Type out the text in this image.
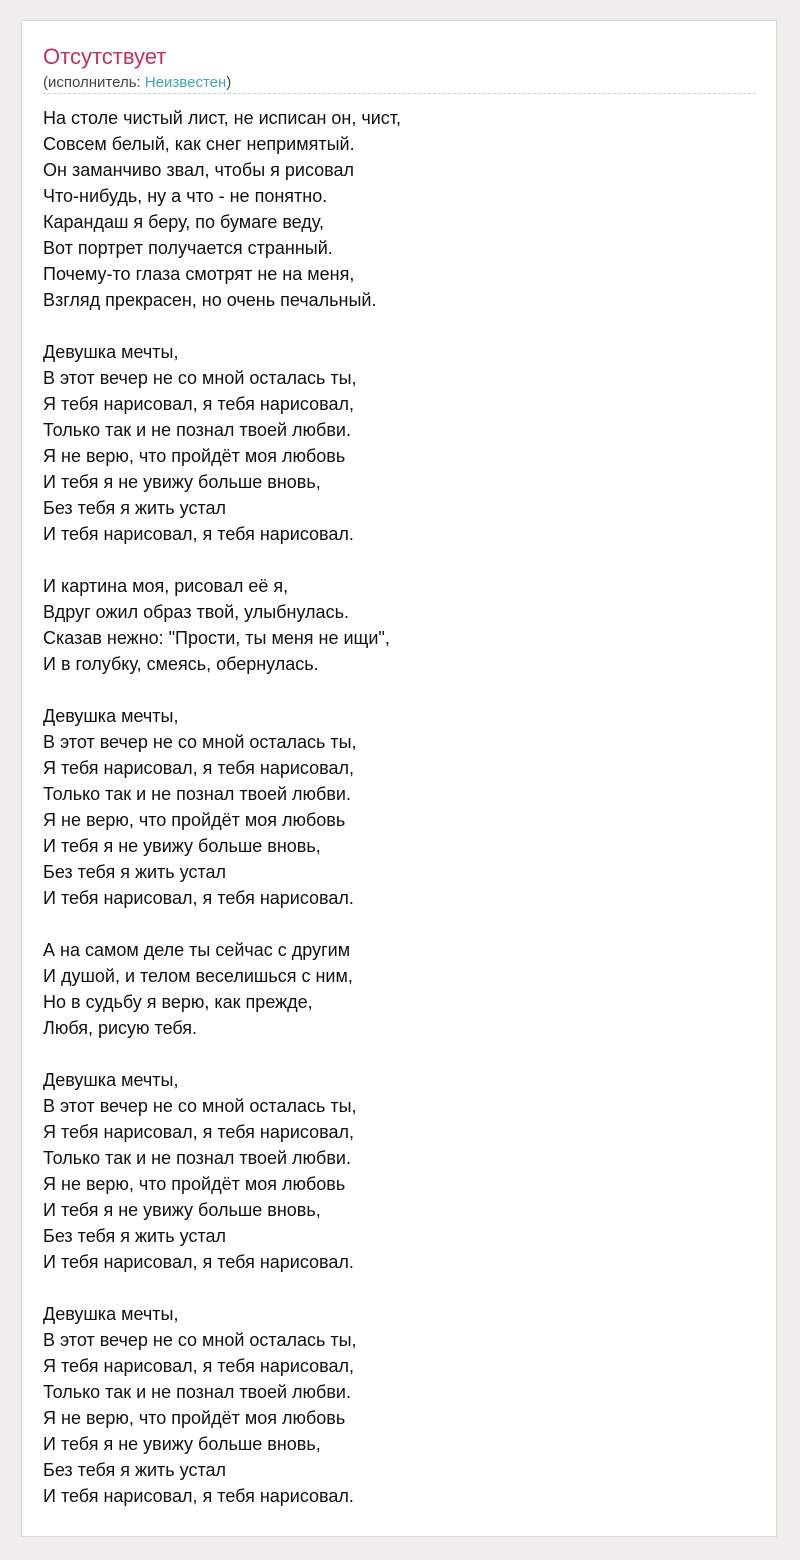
Отсутствует
(исполнитель: Неизвестен)
На столе чистый лист, не исписан он, чист,
Совсем белый, как снег непримятый.
Он заманчиво звал, чтобы я рисовал
Что-нибудь, ну а что - не понятно.
Карандаш я беру, по бумаге веду,
Вот портрет получается странный.
Почему-то глаза смотрят не на меня,
Взгляд прекрасен, но очень печальный.
Девушка мечты,
В этот вечер не со мной осталась ты,
Я тебя нарисовал, я тебя нарисовал,
Только так и не познал твоей любви.
Я не верю, что пройдёт моя любовь
И тебя я не увижу больше вновь,
Без тебя я жить устал
И тебя нарисовал, я тебя нарисовал.
И картина моя, рисовал её я,
Вдруг ожил образ твой, улыбнулась.
Сказав нежно: "Прости, ты меня не ищи",
И в голубку, смеясь, обернулась.
Девушка мечты,
В этот вечер не со мной осталась ты,
Я тебя нарисовал, я тебя нарисовал,
Только так и не познал твоей любви.
Я не верю, что пройдёт моя любовь
И тебя я не увижу больше вновь,
Без тебя я жить устал
И тебя нарисовал, я тебя нарисовал.
А на самом деле ты сейчас с другим
И душой, и телом веселишься с ним,
Но в судьбу я верю, как прежде,
Любя, рисую тебя.
Девушка мечты,
В этот вечер не со мной осталась ты,
Я тебя нарисовал, я тебя нарисовал,
Только так и не познал твоей любви.
Я не верю, что пройдёт моя любовь
И тебя я не увижу больше вновь,
Без тебя я жить устал
И тебя нарисовал, я тебя нарисовал.
Девушка мечты,
В этот вечер не со мной осталась ты,
Я тебя нарисовал, я тебя нарисовал,
Только так и не познал твоей любви.
Я не верю, что пройдёт моя любовь
И тебя я не увижу больше вновь,
Без тебя я жить устал
И тебя нарисовал, я тебя нарисовал.
